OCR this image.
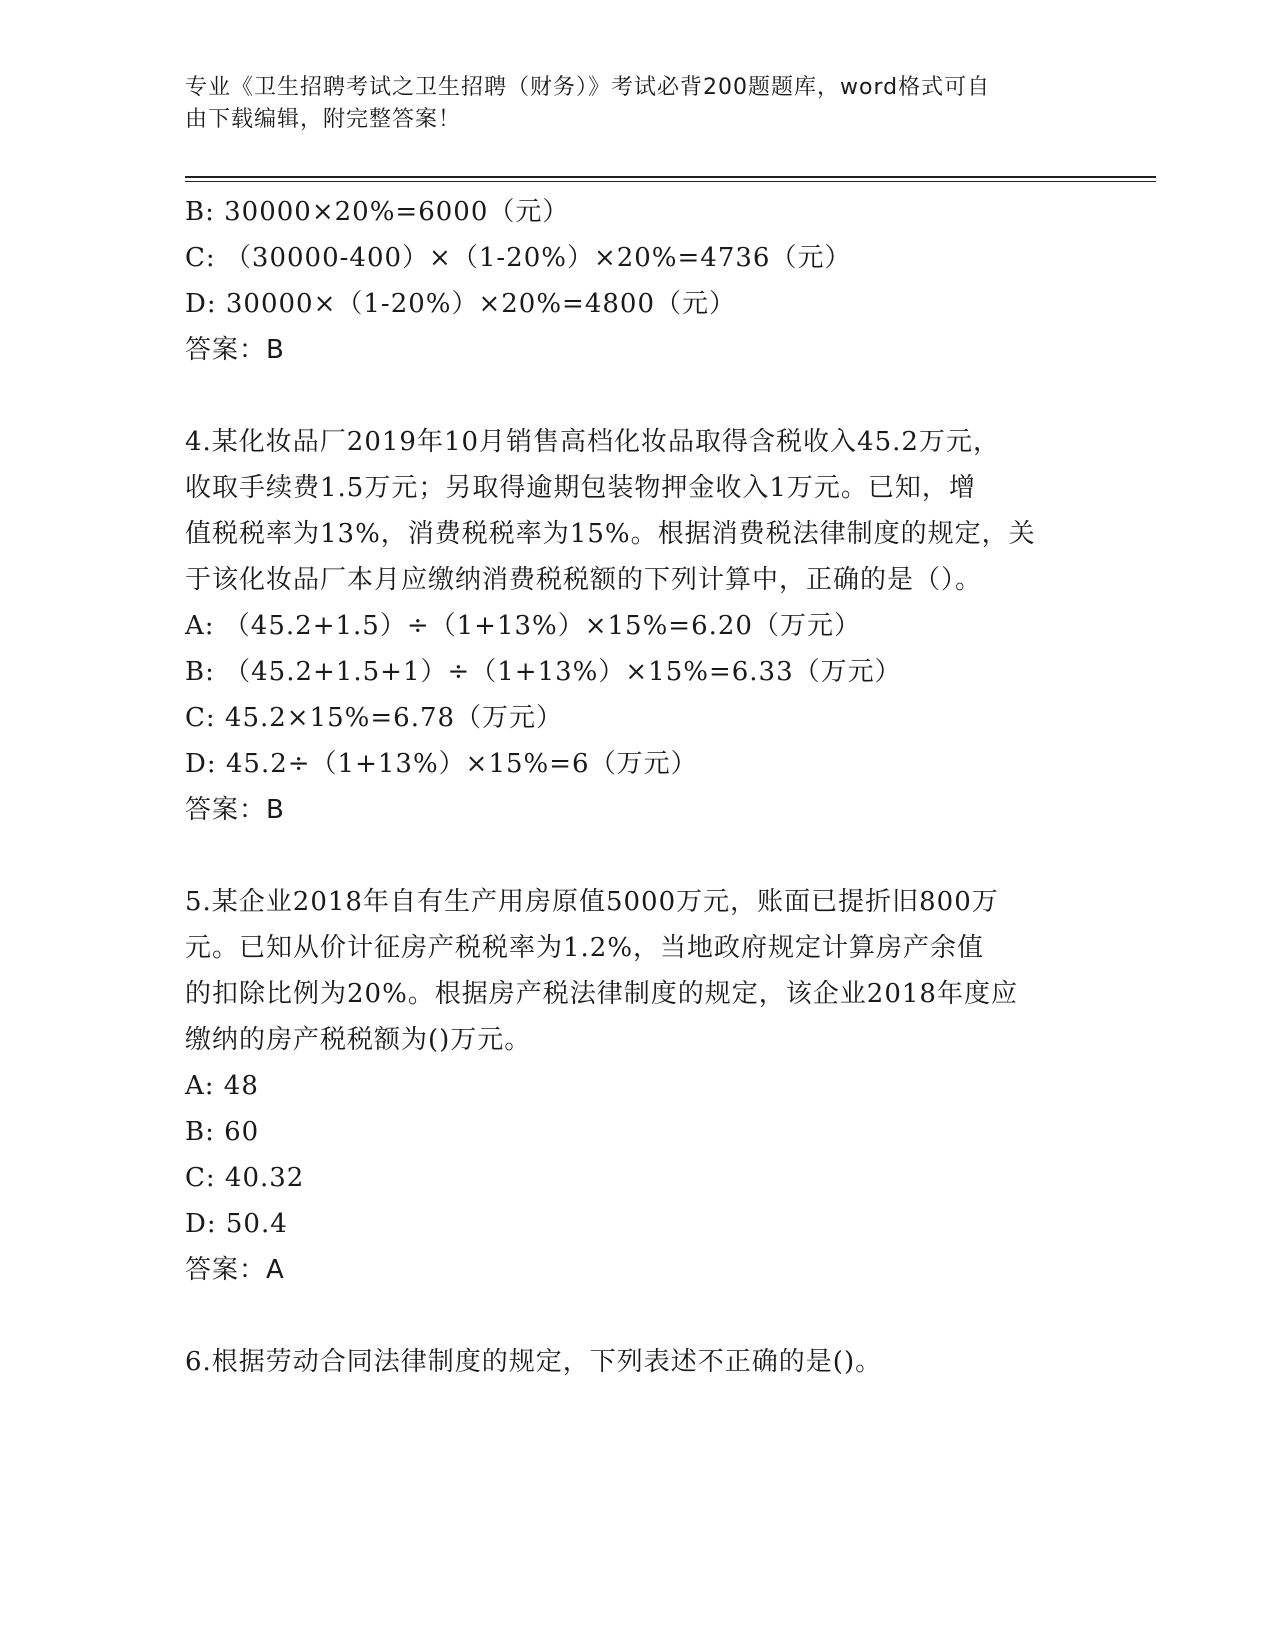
专业《卫生招聘考试之卫生招聘（财务）》考试必背200题题库，word格式可自
由下载编辑，附完整答案！
B: 30000×20%=6000（元）
C: （30000-400）×（1-20%）×20%=4736（元）
D: 30000×（1-20%）×20%=4800（元）
答案：B
4.某化妆品厂2019年10月销售高档化妆品取得含税收入45.2万元，
收取手续费1.5万元；另取得逾期包装物押金收入1万元。已知，增
值税税率为13%，消费税税率为15%。根据消费税法律制度的规定，关
于该化妆品厂本月应缴纳消费税税额的下列计算中，正确的是（）。
A: （45.2+1.5）÷（1+13%）×15%=6.20（万元）
B: （45.2+1.5+1）÷（1+13%）×15%=6.33（万元）
C: 45.2×15%=6.78（万元）
D: 45.2÷（1+13%）×15%=6（万元）
答案：B
5.某企业2018年自有生产用房原值5000万元，账面已提折旧800万
元。已知从价计征房产税税率为1.2%，当地政府规定计算房产余值
的扣除比例为20%。根据房产税法律制度的规定，该企业2018年度应
缴纳的房产税税额为()万元。
A: 48
B: 60
C: 40.32
D: 50.4
答案：A
6.根据劳动合同法律制度的规定，下列表述不正确的是()。
